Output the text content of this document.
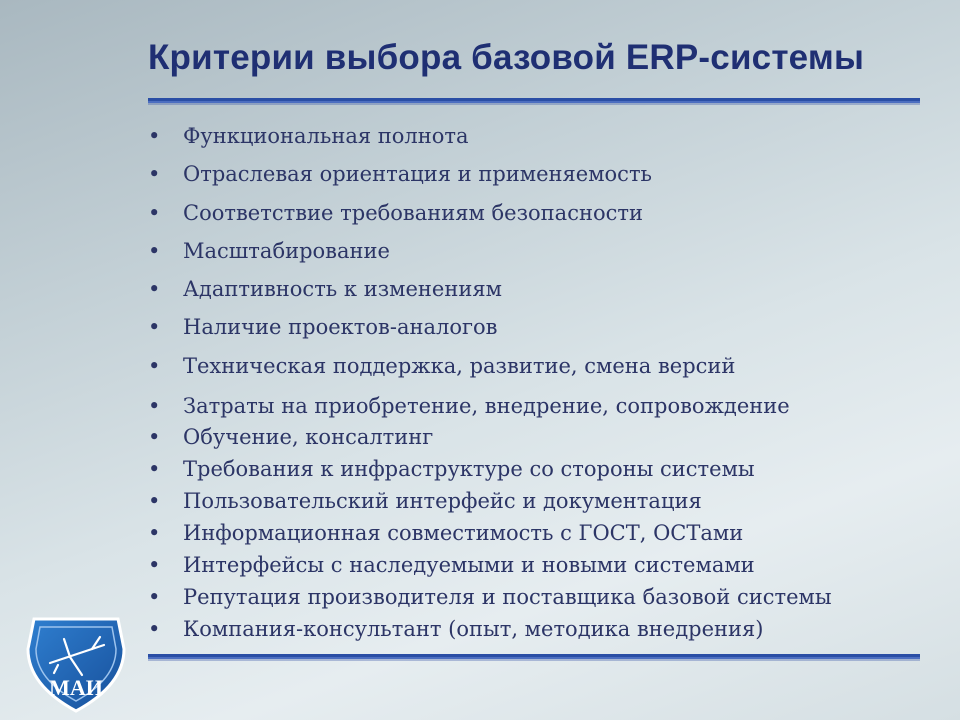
Критерии выбора базовой ERP-системы
•	Функциональная полнота
•	Отраслевая ориентация и применяемость
•	Соответствие требованиям безопасности
•	Масштабирование
•	Адаптивность к изменениям
•	Наличие проектов-аналогов
•	Техническая поддержка, развитие, смена версий
•	Затраты на приобретение, внедрение, сопровождение
•	Обучение, консалтинг
•	Требования к инфраструктуре со стороны системы
•	Пользовательский интерфейс и документация
•	Информационная совместимость с ГОСТ, ОСТами
•	Интерфейсы с наследуемыми и новыми системами
•	Репутация производителя и поставщика базовой системы
•	Компания-консультант (опыт, методика внедрения)
МАИ
